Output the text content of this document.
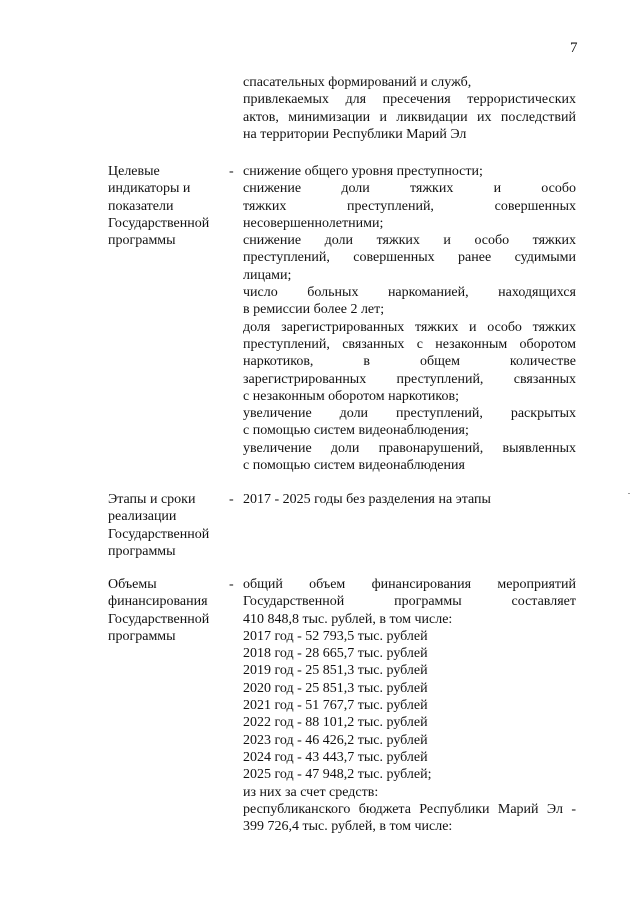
7
спасательных формирований и служб,
привлекаемых для пресечения террористических
актов, минимизации и ликвидации их последствий
на территории Республики Марий Эл
Целевые
индикаторы и
показатели
Государственной
программы
- снижение общего уровня преступности;
снижение доли тяжких и особо
тяжких преступлений, совершенных
несовершеннолетними;
снижение доли тяжких и особо тяжких
преступлений, совершенных ранее судимыми
лицами;
число больных наркоманией, находящихся
в ремиссии более 2 лет;
доля зарегистрированных тяжких и особо тяжких
преступлений, связанных с незаконным оборотом
наркотиков, в общем количестве
зарегистрированных преступлений, связанных
с незаконным оборотом наркотиков;
увеличение доли преступлений, раскрытых
с помощью систем видеонаблюдения;
увеличение доли правонарушений, выявленных
с помощью систем видеонаблюдения
Этапы и сроки
реализации
Государственной
программы
- 2017 - 2025 годы без разделения на этапы
Объемы
финансирования
Государственной
программы
- общий объем финансирования мероприятий
Государственной программы составляет
410 848,8 тыс. рублей, в том числе:
2017 год - 52 793,5 тыс. рублей
2018 год - 28 665,7 тыс. рублей
2019 год - 25 851,3 тыс. рублей
2020 год - 25 851,3 тыс. рублей
2021 год - 51 767,7 тыс. рублей
2022 год - 88 101,2 тыс. рублей
2023 год - 46 426,2 тыс. рублей
2024 год - 43 443,7 тыс. рублей
2025 год - 47 948,2 тыс. рублей;
из них за счет средств:
республиканского бюджета Республики Марий Эл -
399 726,4 тыс. рублей, в том числе:
